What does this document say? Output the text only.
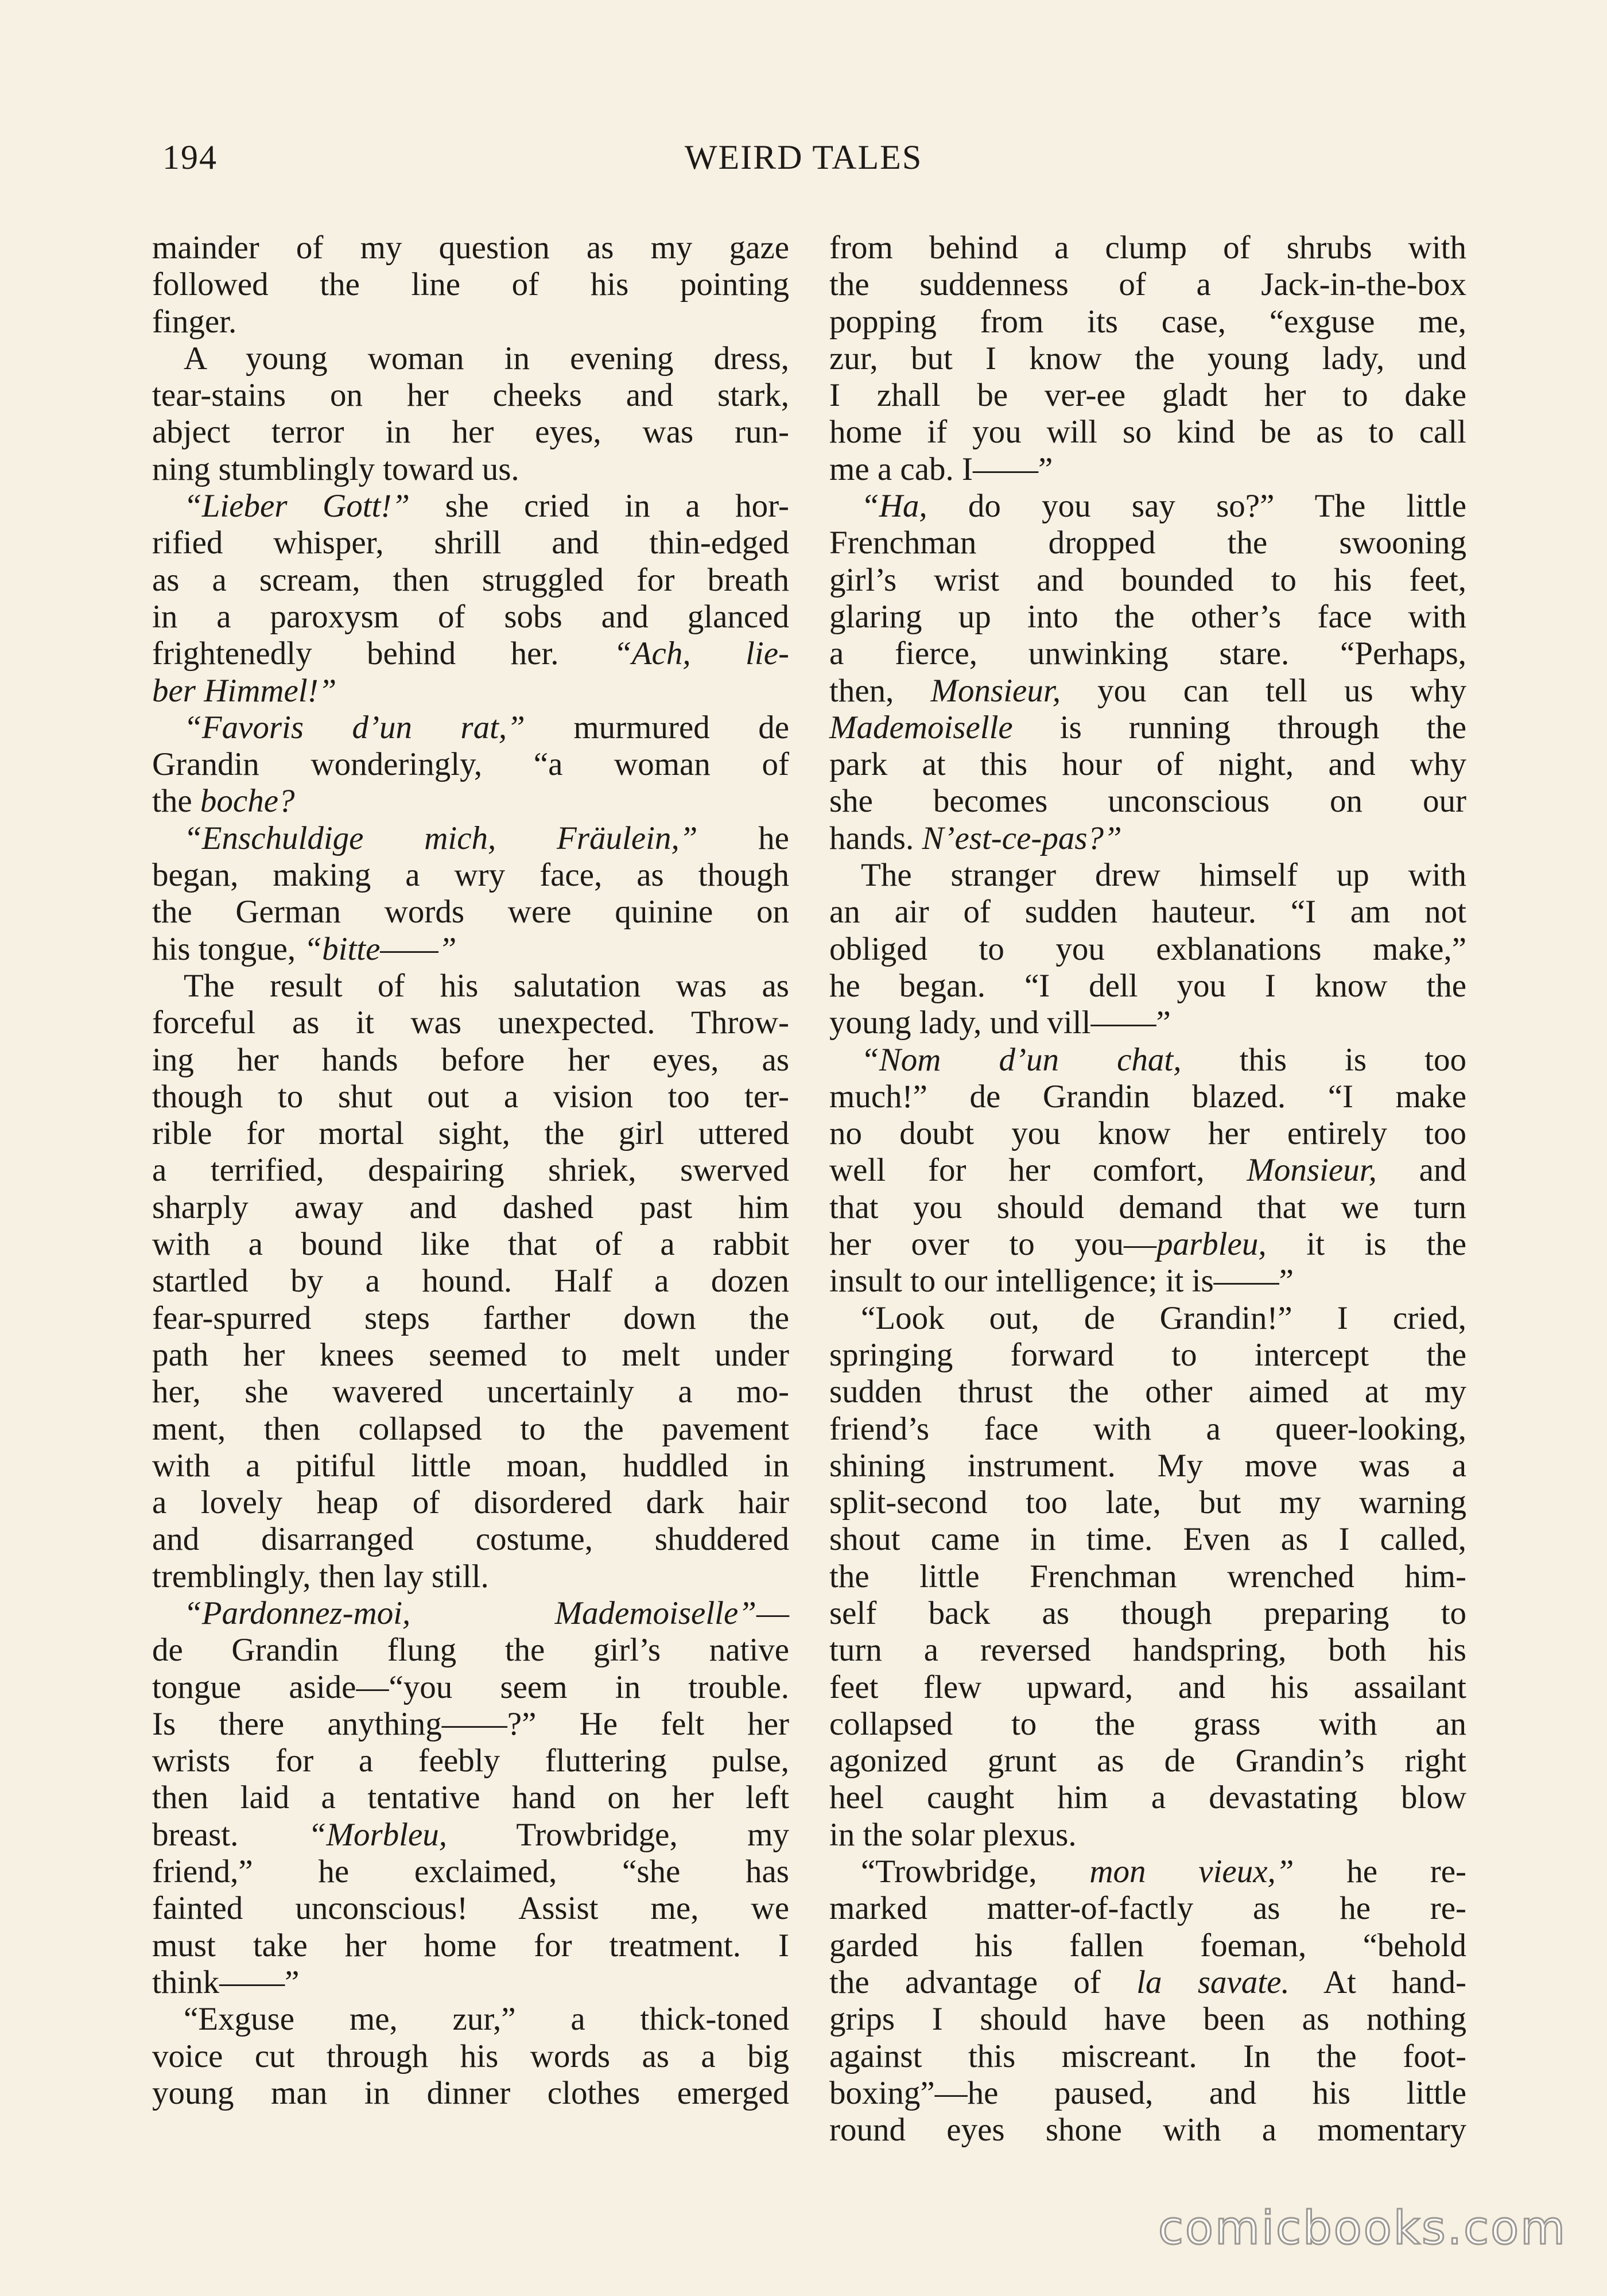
194	WEIRD TALES
mainder of my question as my gaze
followed the line of his pointing
finger.
A young woman in evening dress,
tear-stains on her cheeks and stark,
abject terror in her eyes, was run-
ning stumblingly toward us.
“Lieber Gott!” she cried in a hor-
rified whisper, shrill and thin-edged
as a scream, then struggled for breath
in a paroxysm of sobs and glanced
frightenedly behind her. “Ach, lie-
ber Himmel!”
“Favoris d’un rat,” murmured de
Grandin wonderingly, “a woman of
the boche?
“Enschuldige mich, Fräulein,” he
began, making a wry face, as though
the German words were quinine on
his tongue, “bitte——”
The result of his salutation was as
forceful as it was unexpected. Throw-
ing her hands before her eyes, as
though to shut out a vision too ter-
rible for mortal sight, the girl uttered
a terrified, despairing shriek, swerved
sharply away and dashed past him
with a bound like that of a rabbit
startled by a hound. Half a dozen
fear-spurred steps farther down the
path her knees seemed to melt under
her, she wavered uncertainly a mo-
ment, then collapsed to the pavement
with a pitiful little moan, huddled in
a lovely heap of disordered dark hair
and disarranged costume, shuddered
tremblingly, then lay still.
“Pardonnez-moi, Mademoiselle”—
de Grandin flung the girl’s native
tongue aside—“you seem in trouble.
Is there anything——?” He felt her
wrists for a feebly fluttering pulse,
then laid a tentative hand on her left
breast. “Morbleu, Trowbridge, my
friend,” he exclaimed, “she has
fainted unconscious! Assist me, we
must take her home for treatment. I
think——”
“Exguse me, zur,” a thick-toned
voice cut through his words as a big
young man in dinner clothes emerged
from behind a clump of shrubs with
the suddenness of a Jack-in-the-box
popping from its case, “exguse me,
zur, but I know the young lady, und
I zhall be ver-ee gladt her to dake
home if you will so kind be as to call
me a cab. I——”
“Ha, do you say so?” The little
Frenchman dropped the swooning
girl’s wrist and bounded to his feet,
glaring up into the other’s face with
a fierce, unwinking stare. “Perhaps,
then, Monsieur, you can tell us why
Mademoiselle is running through the
park at this hour of night, and why
she becomes unconscious on our
hands. N’est-ce-pas?”
The stranger drew himself up with
an air of sudden hauteur. “I am not
obliged to you exblanations make,”
he began. “I dell you I know the
young lady, und vill——”
“Nom d’un chat, this is too
much!” de Grandin blazed. “I make
no doubt you know her entirely too
well for her comfort, Monsieur, and
that you should demand that we turn
her over to you—parbleu, it is the
insult to our intelligence; it is——”
“Look out, de Grandin!” I cried,
springing forward to intercept the
sudden thrust the other aimed at my
friend’s face with a queer-looking,
shining instrument. My move was a
split-second too late, but my warning
shout came in time. Even as I called,
the little Frenchman wrenched him-
self back as though preparing to
turn a reversed handspring, both his
feet flew upward, and his assailant
collapsed to the grass with an
agonized grunt as de Grandin’s right
heel caught him a devastating blow
in the solar plexus.
“Trowbridge, mon vieux,” he re-
marked matter-of-factly as he re-
garded his fallen foeman, “behold
the advantage of la savate. At hand-
grips I should have been as nothing
against this miscreant. In the foot-
boxing”—he paused, and his little
round eyes shone with a momentary
comicbooks.com
